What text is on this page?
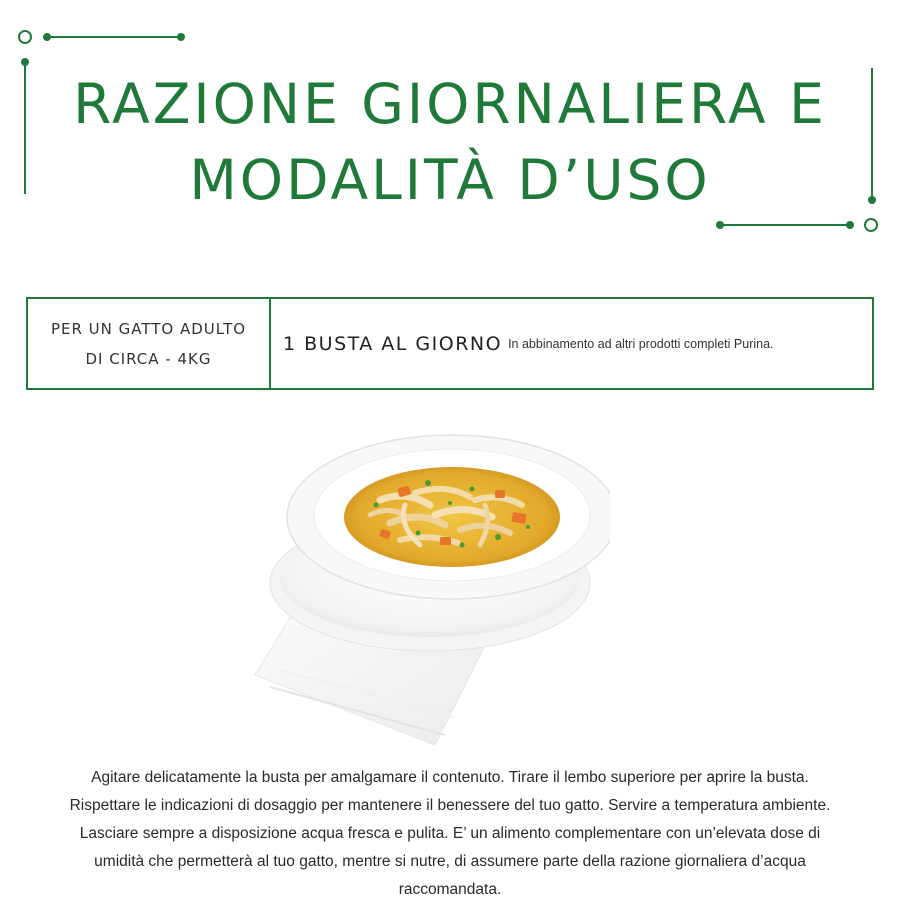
RAZIONE GIORNALIERA E
MODALITÀ D’USO
PER UN GATTO ADULTO
DI CIRCA - 4KG
1 BUSTA AL GIORNO In abbinamento ad altri prodotti completi Purina.

Agitare delicatamente la busta per amalgamare il contenuto. Tirare il lembo superiore per aprire la busta. Rispettare le indicazioni di dosaggio per mantenere il benessere del tuo gatto. Servire a temperatura ambiente. Lasciare sempre a disposizione acqua fresca e pulita. E’ un alimento complementare con un’elevata dose di umidità che permetterà al tuo gatto, mentre si nutre, di assumere parte della razione giornaliera d’acqua raccomandata.
